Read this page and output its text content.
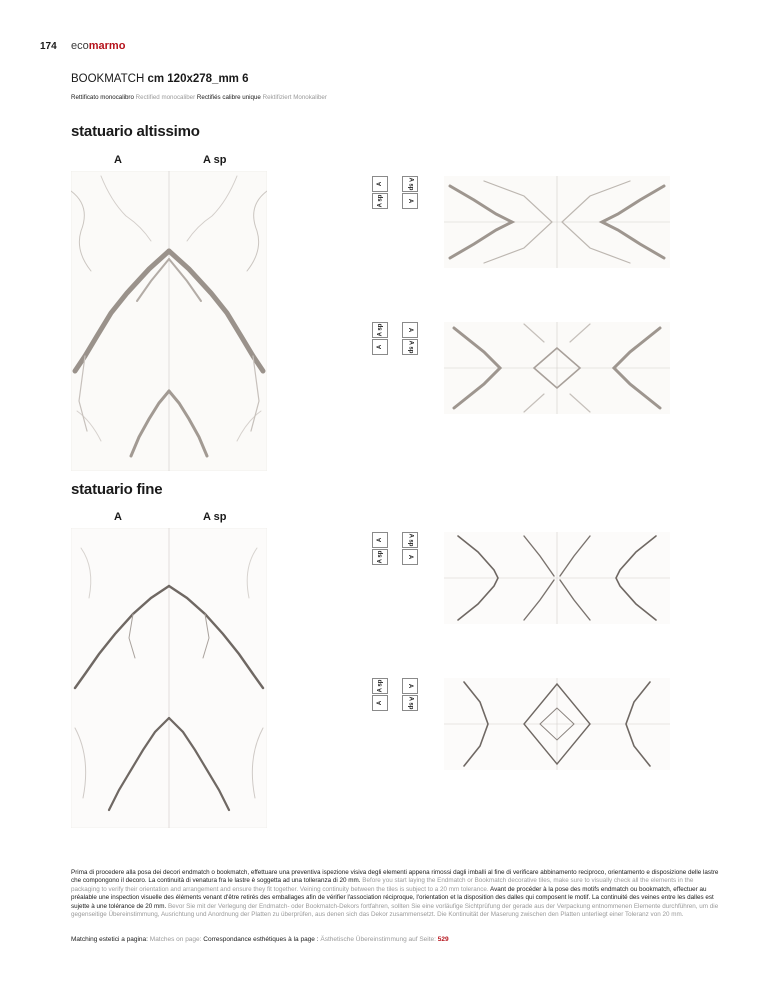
174 ecomarmo
BOOKMATCH cm 120x278_mm 6
Rettificato monocalibro Rectified monocaliber Rectifiés calibre unique Rektifiziert Monokaliber
statuario altissimo
A	A sp
A
A sp
A sp
A
A sp
A
A
A sp
statuario fine
A	A sp
A
A sp
A sp
A
A sp
A
A
A sp
Prima di procedere alla posa dei decori endmatch o bookmatch, effettuare una preventiva ispezione visiva degli elementi appena rimossi dagli imballi al fine di verificare abbinamento reciproco, orientamento e disposizione delle lastre che compongono il decoro. La continuità di venatura fra le lastre è soggetta ad una tolleranza di 20 mm. Before you start laying the Endmatch or Bookmatch decorative tiles, make sure to visually check all the elements in the packaging to verify their orientation and arrangement and ensure they fit together. Veining continuity between the tiles is subject to a 20 mm tolerance. Avant de procéder à la pose des motifs endmatch ou bookmatch, effectuer au préalable une inspection visuelle des éléments venant d'être retirés des emballages afin de vérifier l'association réciproque, l'orientation et la disposition des dalles qui composent le motif. La continuité des veines entre les dalles est sujette à une tolérance de 20 mm. Bevor Sie mit der Verlegung der Endmatch- oder Bookmatch-Dekors fortfahren, sollten Sie eine vorläufige Sichtprüfung der gerade aus der Verpackung entnommenen Elemente durchführen, um die gegenseitige Übereinstimmung, Ausrichtung und Anordnung der Platten zu überprüfen, aus denen sich das Dekor zusammensetzt. Die Kontinuität der Maserung zwischen den Platten unterliegt einer Toleranz von 20 mm.
Matching estetici a pagina: Matches on page: Correspondance esthétiques à la page : Ästhetische Übereinstimmung auf Seite: 529
